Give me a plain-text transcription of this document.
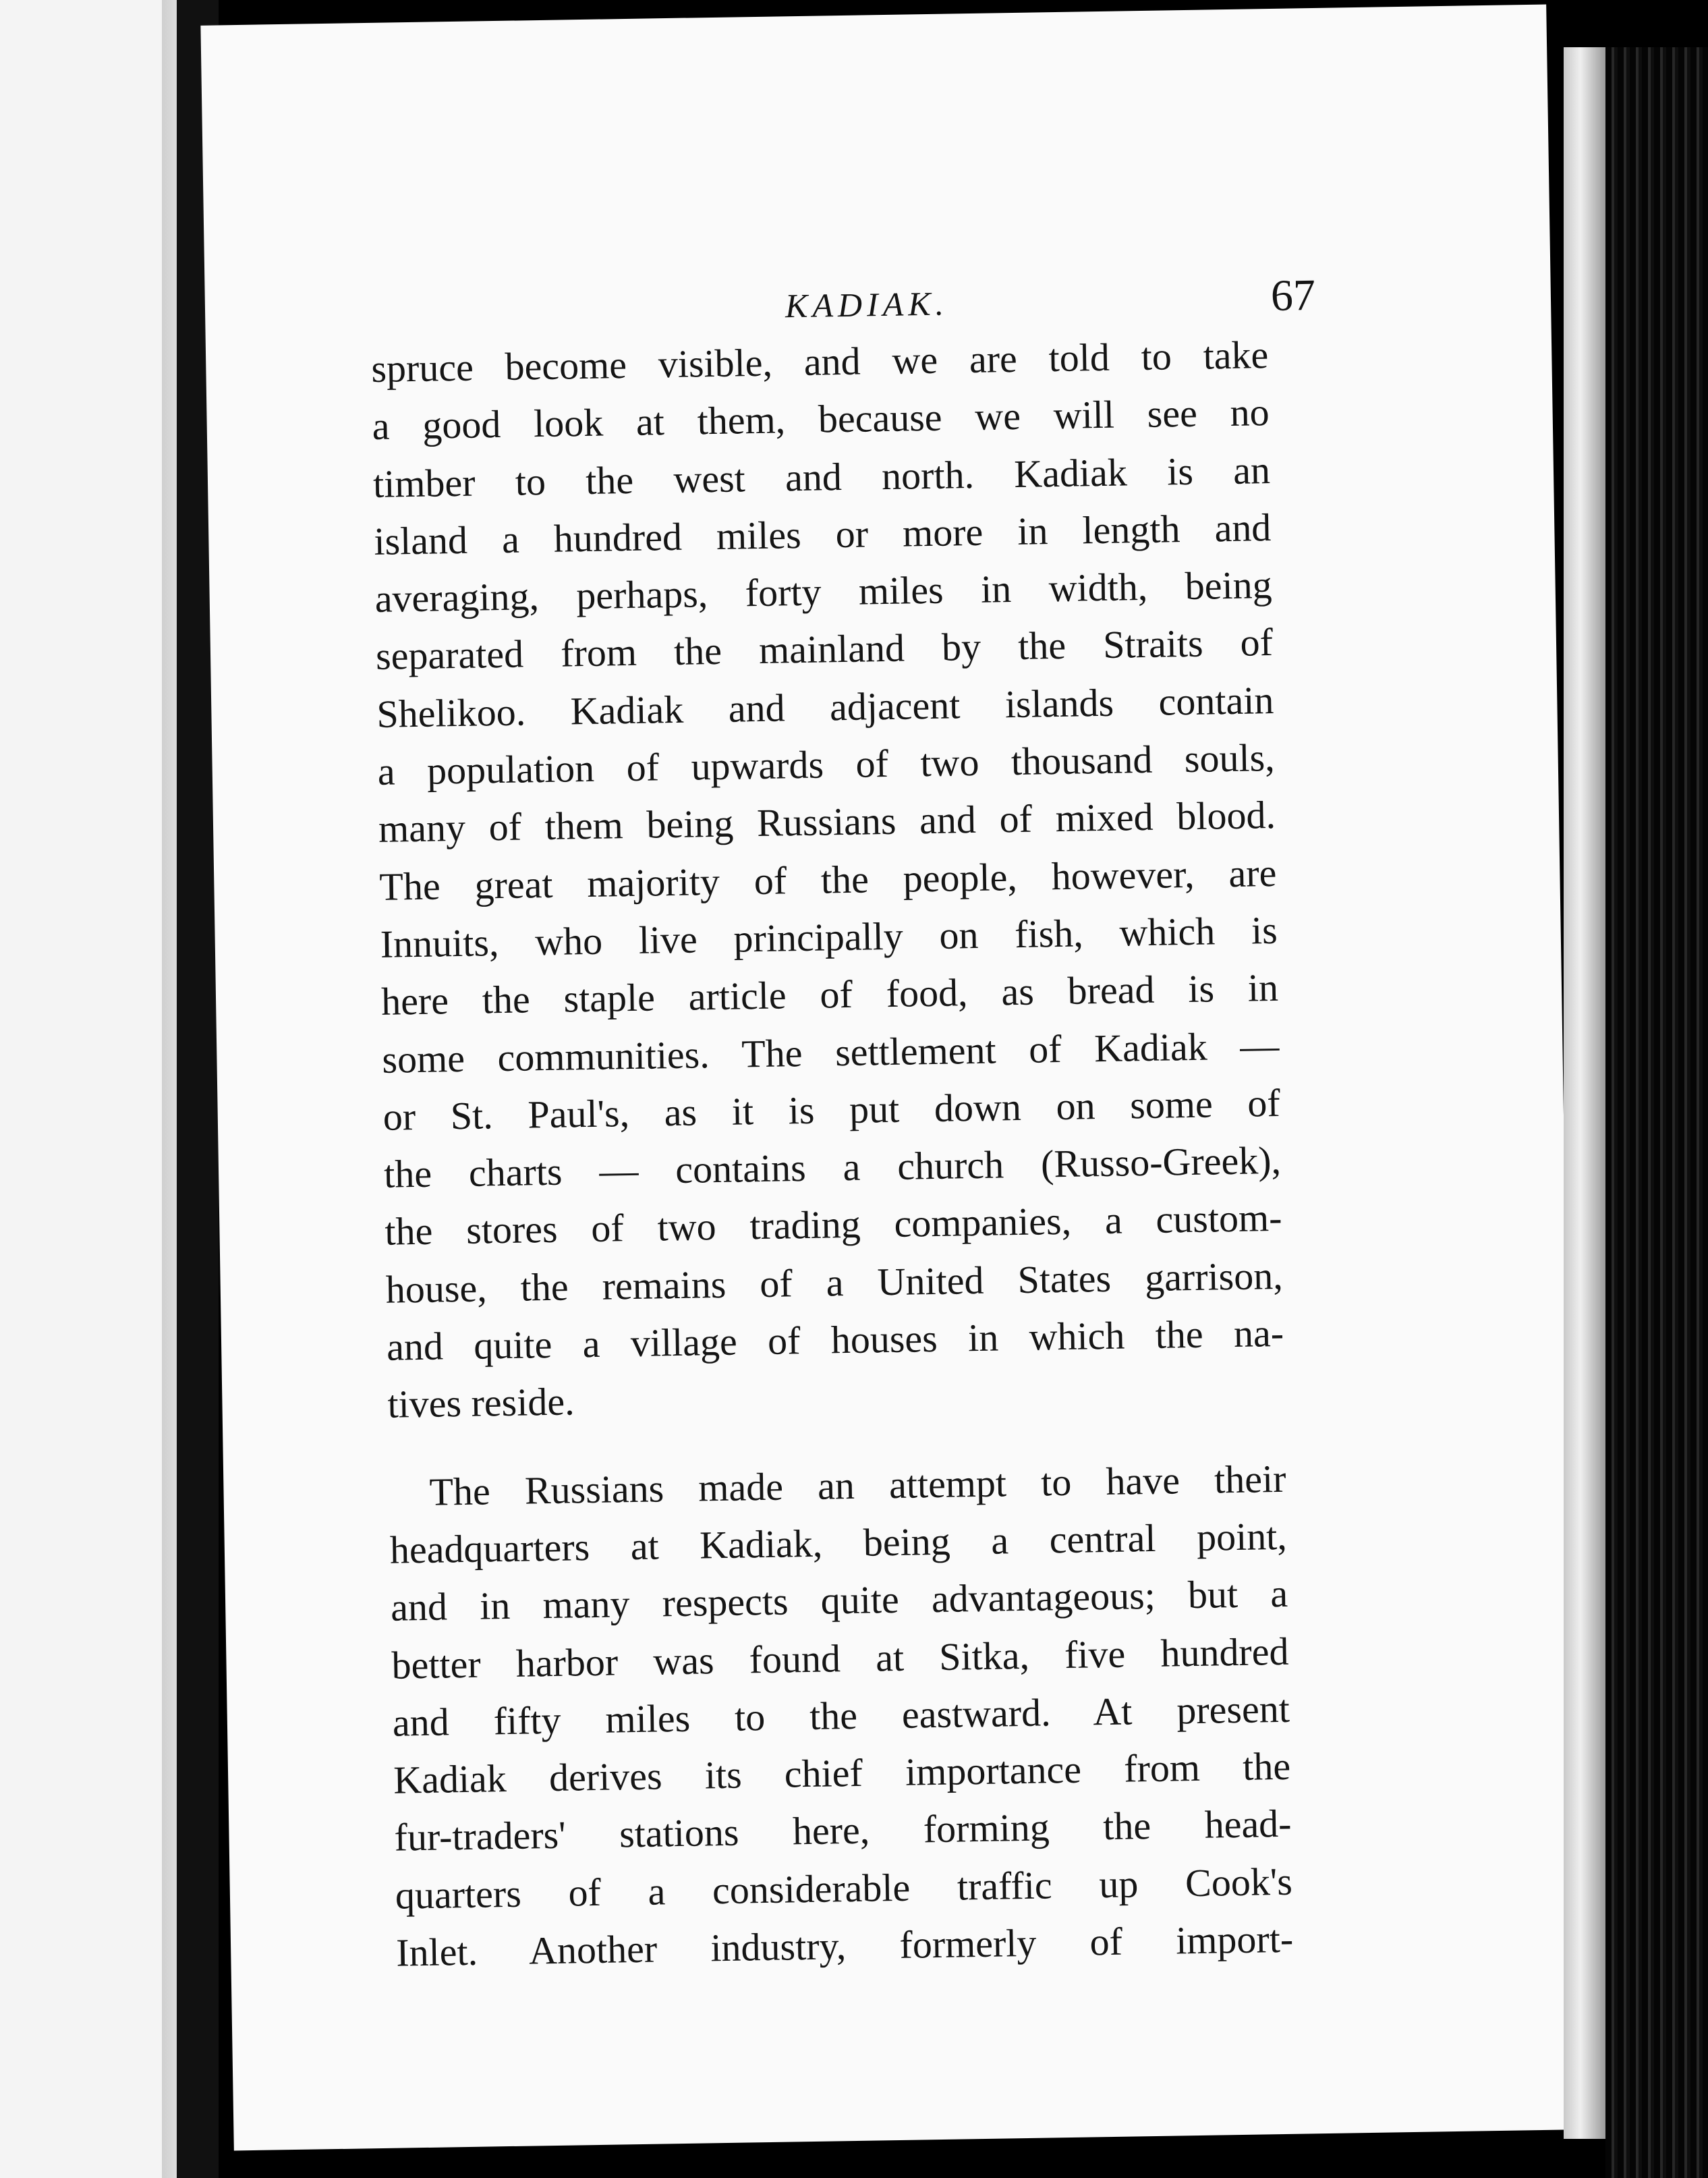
KADIAK.	67
spruce become visible, and we are told to take
a good look at them, because we will see no
timber to the west and north. Kadiak is an
island a hundred miles or more in length and
averaging, perhaps, forty miles in width, being
separated from the mainland by the Straits of
Shelikoo. Kadiak and adjacent islands contain
a population of upwards of two thousand souls,
many of them being Russians and of mixed blood.
The great majority of the people, however, are
Innuits, who live principally on fish, which is
here the staple article of food, as bread is in
some communities. The settlement of Kadiak —
or St. Paul's, as it is put down on some of
the charts — contains a church (Russo-Greek),
the stores of two trading companies, a custom-
house, the remains of a United States garrison,
and quite a village of houses in which the na-
tives reside.
The Russians made an attempt to have their
headquarters at Kadiak, being a central point,
and in many respects quite advantageous; but a
better harbor was found at Sitka, five hundred
and fifty miles to the eastward. At present
Kadiak derives its chief importance from the
fur-traders' stations here, forming the head-
quarters of a considerable traffic up Cook's
Inlet. Another industry, formerly of import-
